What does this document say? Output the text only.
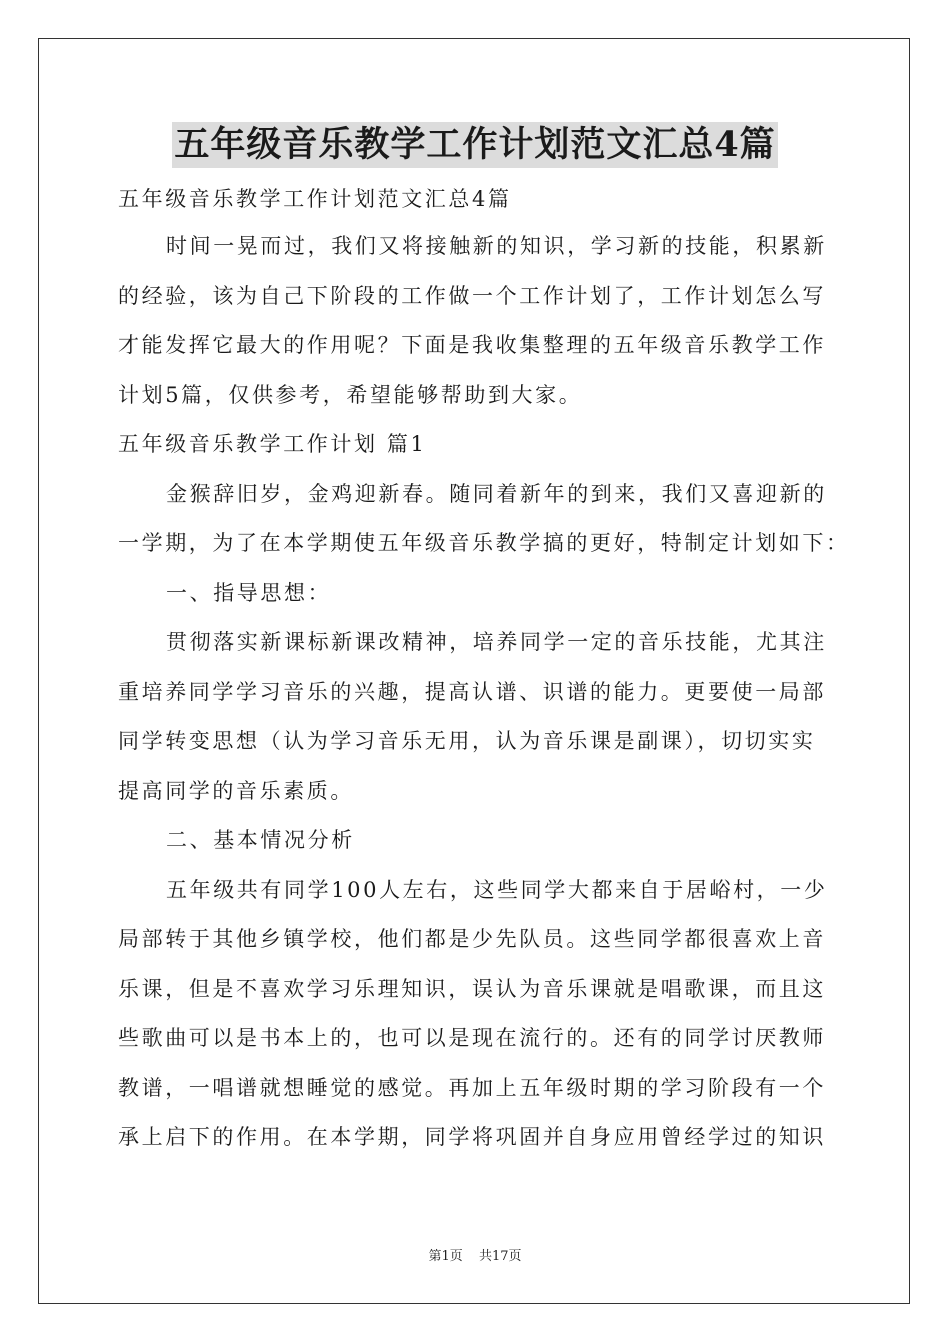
五年级音乐教学工作计划范文汇总4篇
五年级音乐教学工作计划范文汇总4篇
时间一晃而过，我们又将接触新的知识，学习新的技能，积累新
的经验，该为自己下阶段的工作做一个工作计划了，工作计划怎么写
才能发挥它最大的作用呢？下面是我收集整理的五年级音乐教学工作
计划5篇，仅供参考，希望能够帮助到大家。
五年级音乐教学工作计划 篇1
金猴辞旧岁，金鸡迎新春。随同着新年的到来，我们又喜迎新的
一学期，为了在本学期使五年级音乐教学搞的更好，特制定计划如下：
一、指导思想：
贯彻落实新课标新课改精神，培养同学一定的音乐技能，尤其注
重培养同学学习音乐的兴趣，提高认谱、识谱的能力。更要使一局部
同学转变思想（认为学习音乐无用，认为音乐课是副课），切切实实
提高同学的音乐素质。
二、基本情况分析
五年级共有同学100人左右，这些同学大都来自于居峪村，一少
局部转于其他乡镇学校，他们都是少先队员。这些同学都很喜欢上音
乐课，但是不喜欢学习乐理知识，误认为音乐课就是唱歌课，而且这
些歌曲可以是书本上的，也可以是现在流行的。还有的同学讨厌教师
教谱，一唱谱就想睡觉的感觉。再加上五年级时期的学习阶段有一个
承上启下的作用。在本学期，同学将巩固并自身应用曾经学过的知识
第1页 共17页
